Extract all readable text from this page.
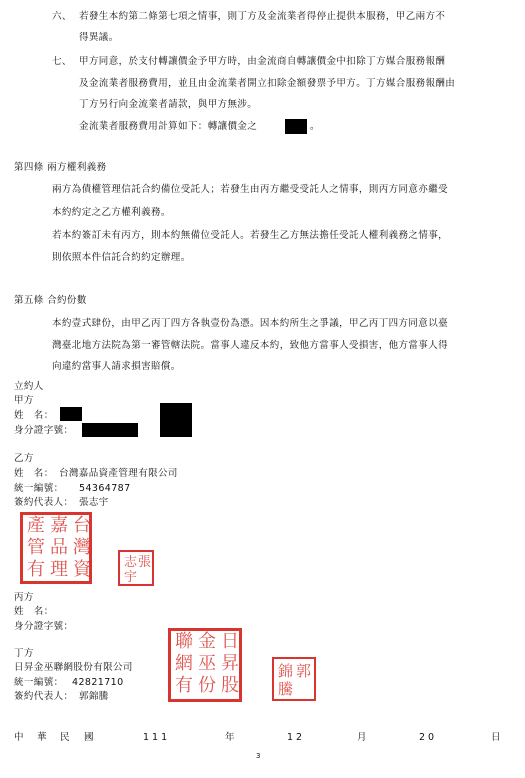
六、 若發生本約第二條第七項之情事，則丁方及金流業者得停止提供本服務，甲乙兩方不
得異議。
七、 甲方同意，於支付轉讓價金予甲方時，由金流商自轉讓價金中扣除丁方媒合服務報酬
及金流業者服務費用，並且由金流業者開立扣除金額發票予甲方。丁方媒合服務報酬由
丁方另行向金流業者請款，與甲方無涉。
金流業者服務費用計算如下：轉讓價金之	。
第四條 兩方權利義務
兩方為債權管理信託合約備位受託人；若發生由丙方繼受受託人之情事，則丙方同意亦繼受
本約約定之乙方權利義務。
若本約簽訂未有丙方，則本約無備位受託人。若發生乙方無法擔任受託人權利義務之情事，
則依照本件信託合約約定辦理。
第五條 合約份數
本約壹式肆份，由甲乙丙丁四方各執壹份為憑。因本約所生之爭議，甲乙丙丁四方同意以臺
灣臺北地方法院為第一審管轄法院。當事人違反本約，致他方當事人受損害，他方當事人得
向違約當事人請求損害賠償。
立約人
甲方
姓　名：
身分證字號：
乙方
姓　名： 台灣嘉品資產管理有限公司
統一編號： 54364787
簽約代表人： 張志宇
台
灣
嘉
品
產
管
資
理
有	張
志
宇
丙方
姓　名：
身分證字號：
日
昇
金
巫
聯
網
股
份
有
郭
錦
騰
丁方
日昇金巫聯網股份有限公司
統一編號： 42821710
簽約代表人： 郭錦騰
中 華 民 國	111	年	12	月	20	日
3
